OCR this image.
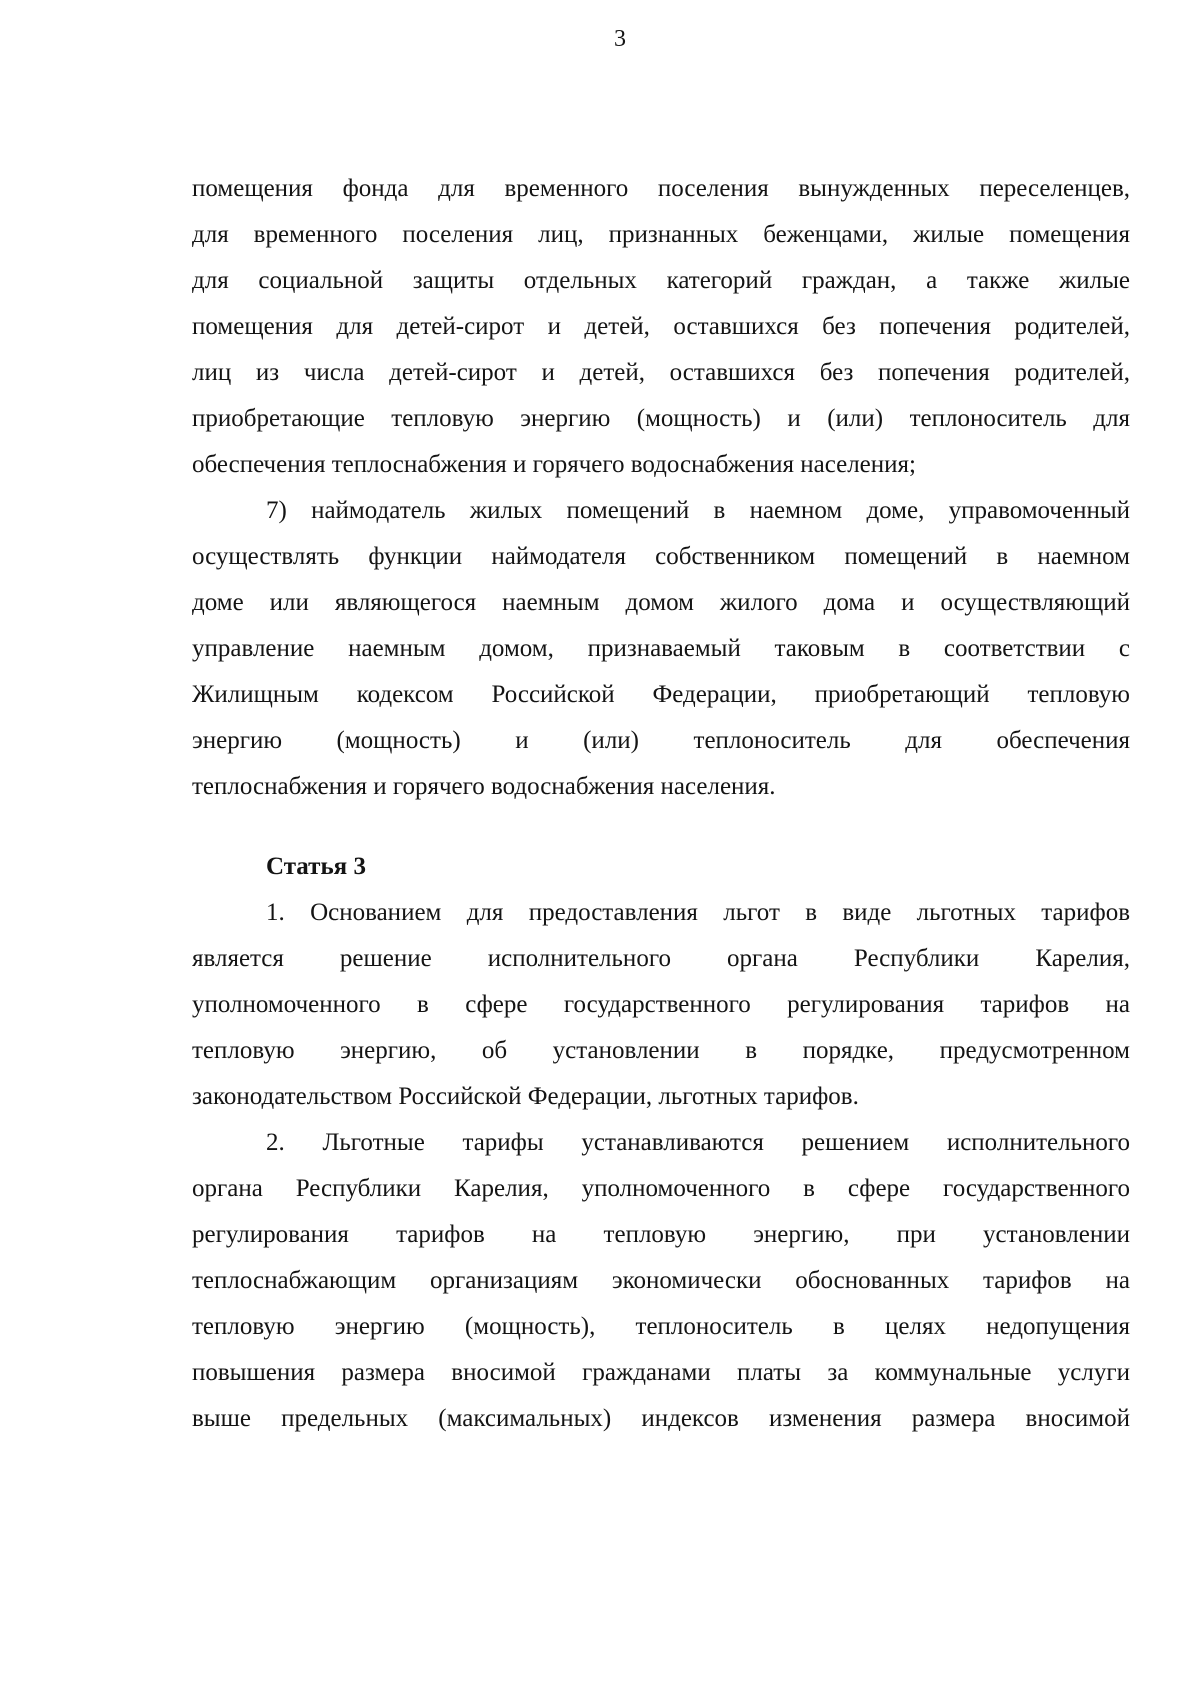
3
помещения фонда для временного поселения вынужденных переселенцев,
для временного поселения лиц, признанных беженцами, жилые помещения
для социальной защиты отдельных категорий граждан, а также жилые
помещения для детей-сирот и детей, оставшихся без попечения родителей,
лиц из числа детей-сирот и детей, оставшихся без попечения родителей,
приобретающие тепловую энергию (мощность) и (или) теплоноситель для
обеспечения теплоснабжения и горячего водоснабжения населения;
7) наймодатель жилых помещений в наемном доме, управомоченный
осуществлять функции наймодателя собственником помещений в наемном
доме или являющегося наемным домом жилого дома и осуществляющий
управление наемным домом, признаваемый таковым в соответствии с
Жилищным кодексом Российской Федерации, приобретающий тепловую
энергию (мощность) и (или) теплоноситель для обеспечения
теплоснабжения и горячего водоснабжения населения.
Статья 3
1. Основанием для предоставления льгот в виде льготных тарифов
является решение исполнительного органа Республики Карелия,
уполномоченного в сфере государственного регулирования тарифов на
тепловую энергию, об установлении в порядке, предусмотренном
законодательством Российской Федерации, льготных тарифов.
2. Льготные тарифы устанавливаются решением исполнительного
органа Республики Карелия, уполномоченного в сфере государственного
регулирования тарифов на тепловую энергию, при установлении
теплоснабжающим организациям экономически обоснованных тарифов на
тепловую энергию (мощность), теплоноситель в целях недопущения
повышения размера вносимой гражданами платы за коммунальные услуги
выше предельных (максимальных) индексов изменения размера вносимой
